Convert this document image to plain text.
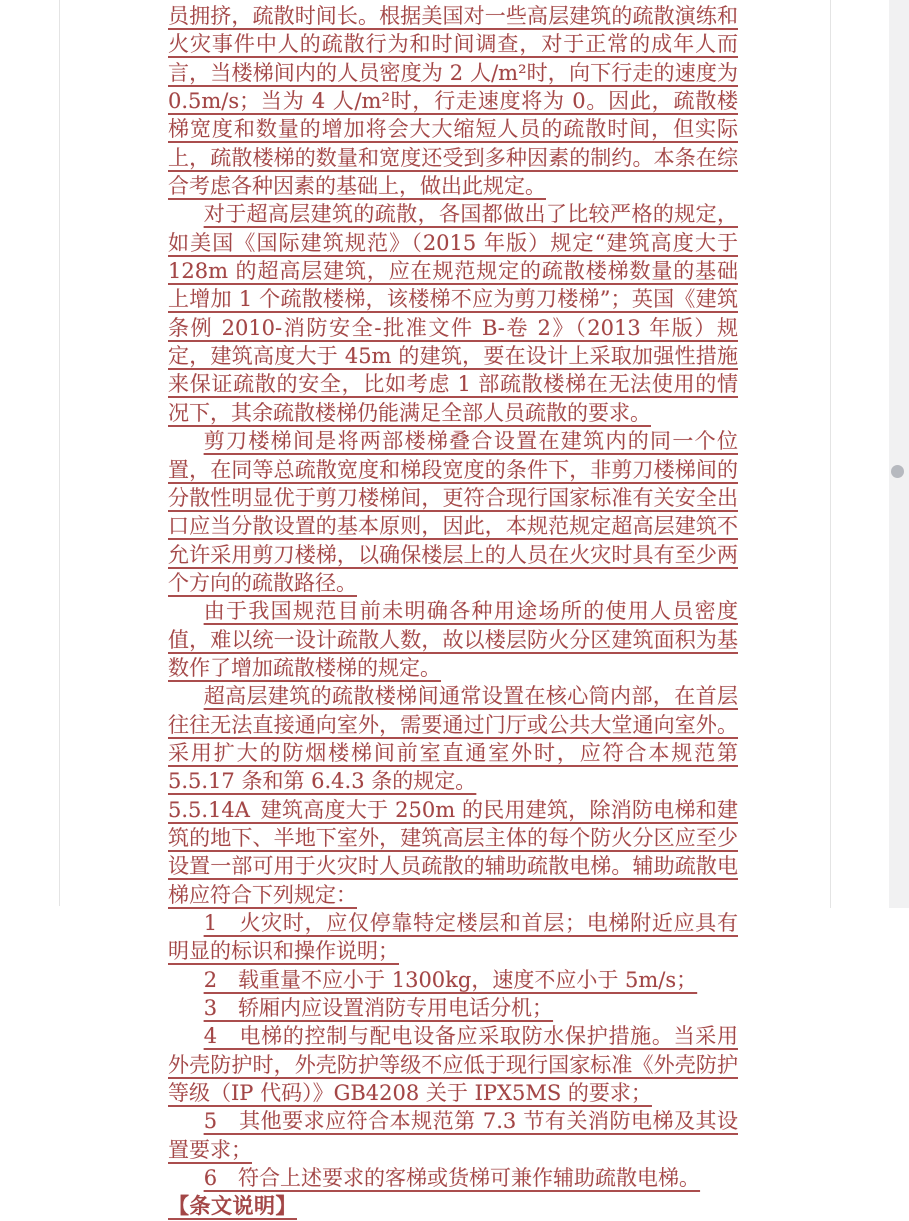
员拥挤，疏散时间长。根据美国对一些高层建筑的疏散演练和火灾事件中人的疏散行为和时间调查，对于正常的成年人而言，当楼梯间内的人员密度为 2 人/m²时，向下行走的速度为 0.5m/s；当为 4 人/m²时，行走速度将为 0。因此，疏散楼梯宽度和数量的增加将会大大缩短人员的疏散时间，但实际上，疏散楼梯的数量和宽度还受到多种因素的制约。本条在综合考虑各种因素的基础上，做出此规定。

对于超高层建筑的疏散，各国都做出了比较严格的规定，如美国《国际建筑规范》（2015 年版）规定“建筑高度大于 128m 的超高层建筑，应在规范规定的疏散楼梯数量的基础上增加 1 个疏散楼梯，该楼梯不应为剪刀楼梯”；英国《建筑条例 2010-消防安全-批准文件 B-卷 2》（2013 年版）规定，建筑高度大于 45m 的建筑，要在设计上采取加强性措施来保证疏散的安全，比如考虑 1 部疏散楼梯在无法使用的情况下，其余疏散楼梯仍能满足全部人员疏散的要求。

剪刀楼梯间是将两部楼梯叠合设置在建筑内的同一个位置，在同等总疏散宽度和梯段宽度的条件下，非剪刀楼梯间的分散性明显优于剪刀楼梯间，更符合现行国家标准有关安全出口应当分散设置的基本原则，因此，本规范规定超高层建筑不允许采用剪刀楼梯，以确保楼层上的人员在火灾时具有至少两个方向的疏散路径。

由于我国规范目前未明确各种用途场所的使用人员密度值，难以统一设计疏散人数，故以楼层防火分区建筑面积为基数作了增加疏散楼梯的规定。

超高层建筑的疏散楼梯间通常设置在核心筒内部，在首层往往无法直接通向室外，需要通过门厅或公共大堂通向室外。采用扩大的防烟楼梯间前室直通室外时，应符合本规范第 5.5.17 条和第 6.4.3 条的规定。

5.5.14A 建筑高度大于 250m 的民用建筑，除消防电梯和建筑的地下、半地下室外，建筑高层主体的每个防火分区应至少设置一部可用于火灾时人员疏散的辅助疏散电梯。辅助疏散电梯应符合下列规定：

1　火灾时，应仅停靠特定楼层和首层；电梯附近应具有明显的标识和操作说明；

2　载重量不应小于 1300kg，速度不应小于 5m/s；

3　轿厢内应设置消防专用电话分机；

4　电梯的控制与配电设备应采取防水保护措施。当采用外壳防护时，外壳防护等级不应低于现行国家标准《外壳防护等级（IP 代码）》GB4208 关于 IPX5MS 的要求；

5　其他要求应符合本规范第 7.3 节有关消防电梯及其设置要求；

6　符合上述要求的客梯或货梯可兼作辅助疏散电梯。

【条文说明】
